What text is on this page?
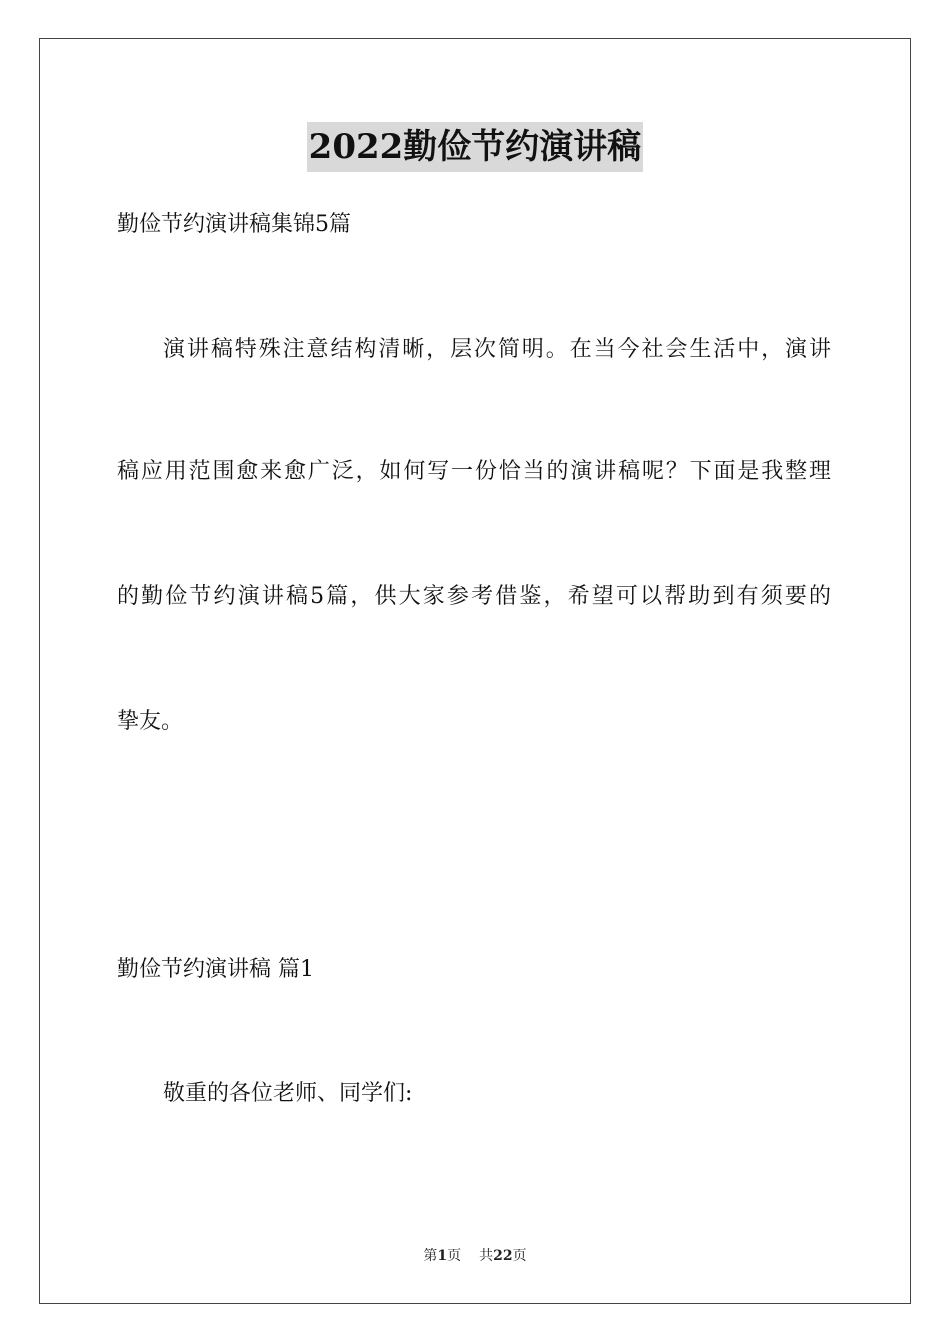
2022勤俭节约演讲稿

勤俭节约演讲稿集锦5篇

演讲稿特殊注意结构清晰，层次简明。在当今社会生活中，演讲

稿应用范围愈来愈广泛，如何写一份恰当的演讲稿呢？下面是我整理

的勤俭节约演讲稿5篇，供大家参考借鉴，希望可以帮助到有须要的

挚友。

勤俭节约演讲稿 篇1

敬重的各位老师、同学们:

第1页 共22页
